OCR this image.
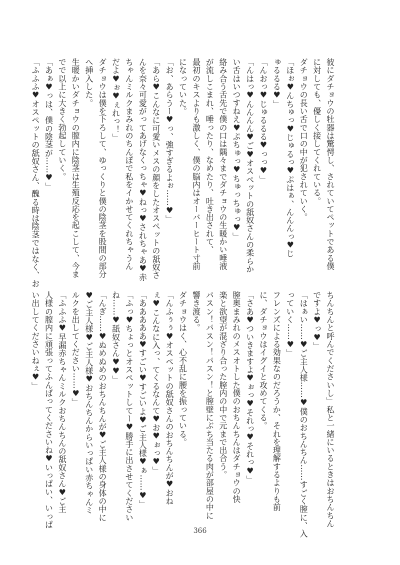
彼にダチョウの牡器は驚愕し、されていてペットである僕
に対しても、優しく接してくれている。
ダチョウの長い舌で口の中が犯されていく。
「ほぉ♥んちゅっ♥じゅるっ♥ぷはぁ、んんんっ♥じ
ゅるるる♥」
「んおっ♥じゅるるる♥っっ♥」
「んはっ♥んんんん♥ご♥オスペットの舐奴さんの柔らか
い舌はいつすねえ♥ぷちゅっ♥ちゅっちゅっ♥」
絡み合う舌先で僕の口は隅々までダチョウの生暖かい唾液
が流しこまれ、唾ったり、なめたり、吐き出されて、
最初のキスよりも激しく、僕の脳内はオーバーヒート寸前
になっていた。
「お、あらうー♥っ、強すぎるよぉ……♥」
「あら♥こんなに可愛いメスの顔をしたオスペットの舐奴さ
んを奈々可愛がってあげなくっちゃ♥ねっ♥されちゃあ♥赤
ちゃんミルクまみれのちんぽで私をイかせてくれちゃうん
だよ♥ぉ♥ぇれっ！」
ダチョウは僕を下ろして、ゆっくりと僕の陰茎を股間の部分
へ挿入した。
生暖かいダチョウの膣内に陰茎は生殖反応を起こして、今ま
でで以上に大きく勃起していく。
「あぁ♥っは、僕の陰茎が……♥」
「ふふふ♥オスペットの舐奴さん、醜る時は陰茎ではなく、お
ちんちんと呼んでくださいし」私と一緒にいるときはおちんちん
ですよ♥っ♥」
「はぁい……♥ご主人様……♥僕のおちんちん……すごく膣に、入
っていく……♥」
フレンズによる効果なのだろうか、それを理解するよりも前
に、ダチョウはイグイと攻めてくる。
「さあ♥ついきますよ♥ぉっ♥それっ♥それっ♥」
膣奥まみれのメスオトした僕のおちんちんはダチョウの快
楽と欲望が混ざり合った膣内の中で元まで出合う。
パスン！パスン！パスン！と膣壁にぶち当たる肉が部屋の中に
響き渡る。
ダチョウはく、心不乱に腰を振っている。
「んふぅぅ♥オスペットの舐奴さんのおちんちんが♥おね
ぇ♥こんなに入っ、てくるなんて♥お♥ぉっ♥」
「あああああ♥すごい♥すごいよ♥ご主人様♥ぁ……♥」
「ふっ♥ちょっとオスペットしてー♥勝手に出させてください
ね……♥舐奴さん♥♥」
「んぎ……♥ぬめぬめのおちんちんが♥ご主人様の身体の中に
♥ご主人様♥ご主人様♥おちんちんからいっぱい赤ちゃんミ
ルクを出してください……♥」
「ふふふ♥早漏赤ちゃんミルクおちんちんの舐奴さん♥ご主
人様の膣内に頑張ってふんばってくださいね♥いっぱい、いっぱ
い出してくださいねぇ♥」
366
